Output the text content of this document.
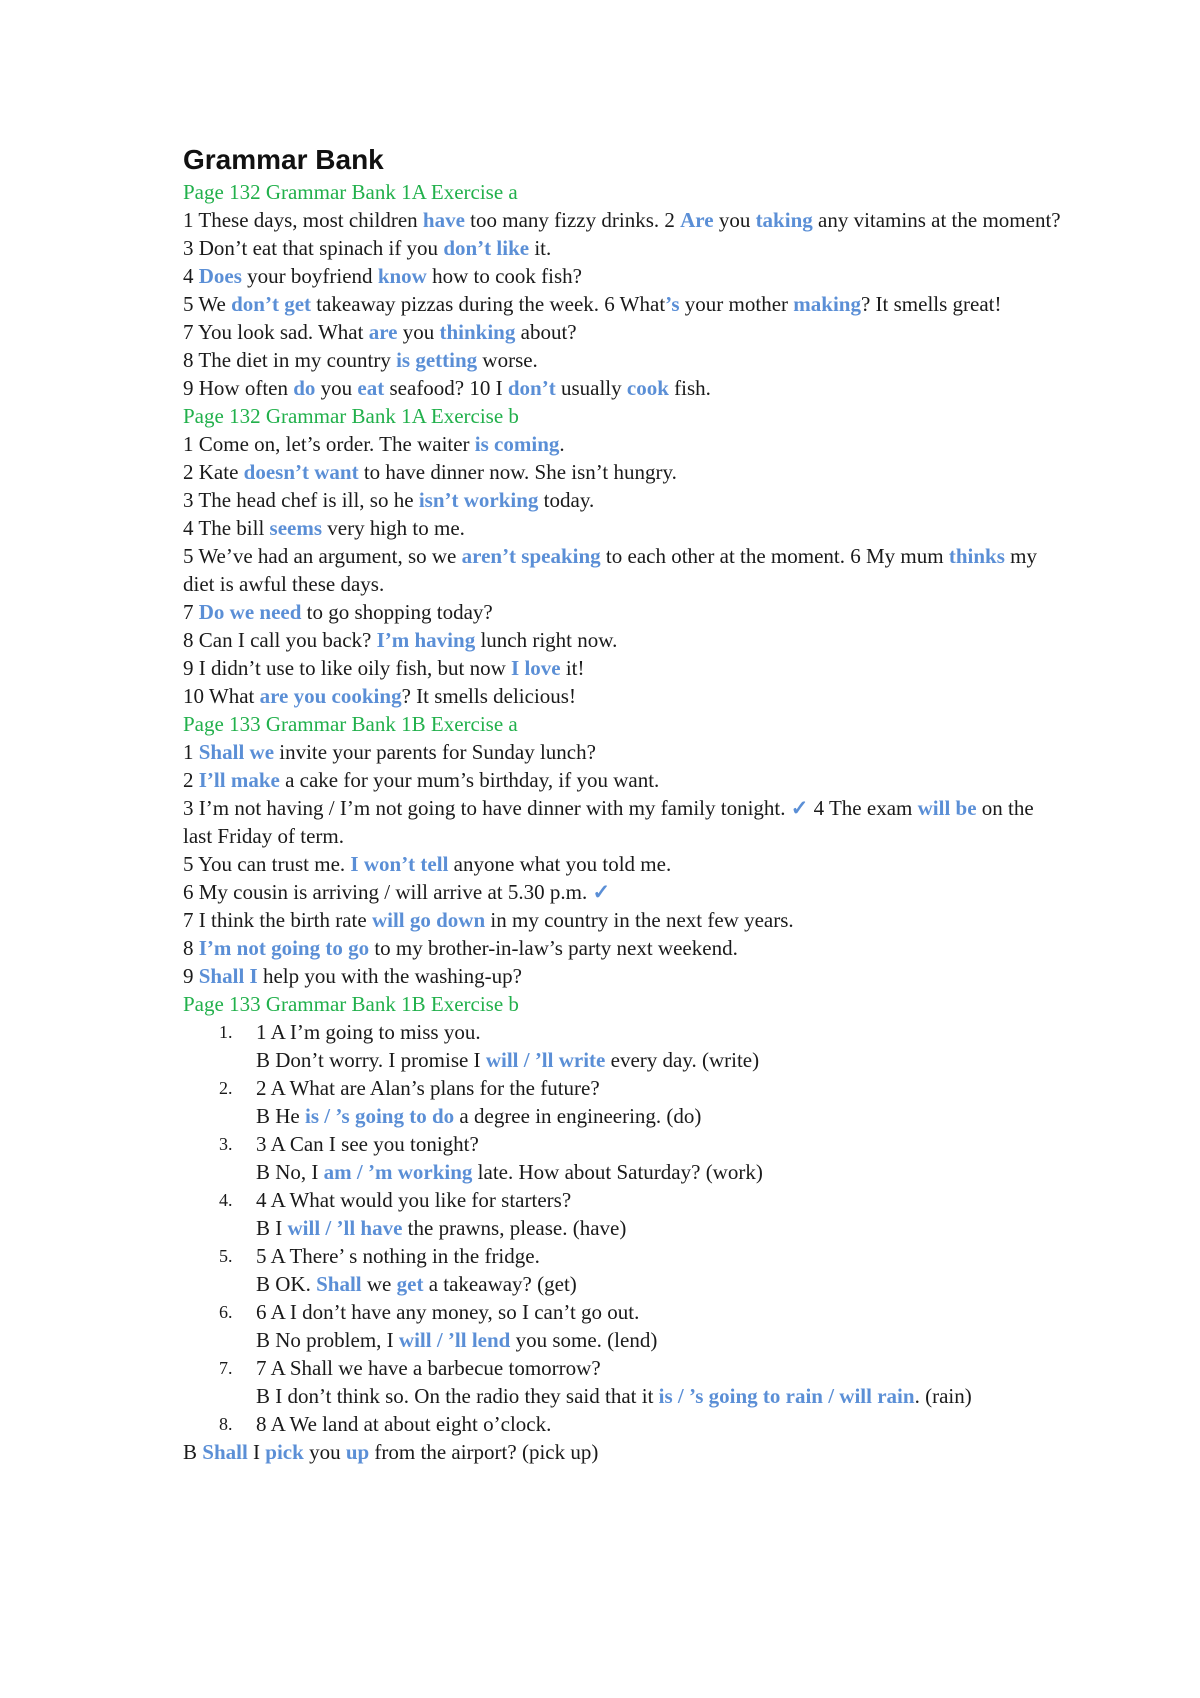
Grammar Bank
Page 132 Grammar Bank 1A Exercise a
1 These days, most children have too many fizzy drinks. 2 Are you taking any vitamins at the moment?
3 Don’t eat that spinach if you don’t like it.
4 Does your boyfriend know how to cook fish?
5 We don’t get takeaway pizzas during the week. 6 What’s your mother making? It smells great!
7 You look sad. What are you thinking about?
8 The diet in my country is getting worse.
9 How often do you eat seafood? 10 I don’t usually cook fish.
Page 132 Grammar Bank 1A Exercise b
1 Come on, let’s order. The waiter is coming.
2 Kate doesn’t want to have dinner now. She isn’t hungry.
3 The head chef is ill, so he isn’t working today.
4 The bill seems very high to me.
5 We’ve had an argument, so we aren’t speaking to each other at the moment. 6 My mum thinks my diet is awful these days.
7 Do we need to go shopping today?
8 Can I call you back? I’m having lunch right now.
9 I didn’t use to like oily fish, but now I love it!
10 What are you cooking? It smells delicious!
Page 133 Grammar Bank 1B Exercise a
1 Shall we invite your parents for Sunday lunch?
2 I’ll make a cake for your mum’s birthday, if you want.
3 I’m not having / I’m not going to have dinner with my family tonight. ✓ 4 The exam will be on the last Friday of term.
5 You can trust me. I won’t tell anyone what you told me.
6 My cousin is arriving / will arrive at 5.30 p.m. ✓
7 I think the birth rate will go down in my country in the next few years.
8 I’m not going to go to my brother-in-law’s party next weekend.
9 Shall I help you with the washing-up?
Page 133 Grammar Bank 1B Exercise b
1. 1 A I’m going to miss you.
B Don’t worry. I promise I will / ’ll write every day. (write)
2. 2 A What are Alan’s plans for the future?
B He is / ’s going to do a degree in engineering. (do)
3. 3 A Can I see you tonight?
B No, I am / ’m working late. How about Saturday? (work)
4. 4 A What would you like for starters?
B I will / ’ll have the prawns, please. (have)
5. 5 A There’ s nothing in the fridge.
B OK. Shall we get a takeaway? (get)
6. 6 A I don’t have any money, so I can’t go out.
B No problem, I will / ’ll lend you some. (lend)
7. 7 A Shall we have a barbecue tomorrow?
B I don’t think so. On the radio they said that it is / ’s going to rain / will rain. (rain)
8. 8 A We land at about eight o’clock.
B Shall I pick you up from the airport? (pick up)
